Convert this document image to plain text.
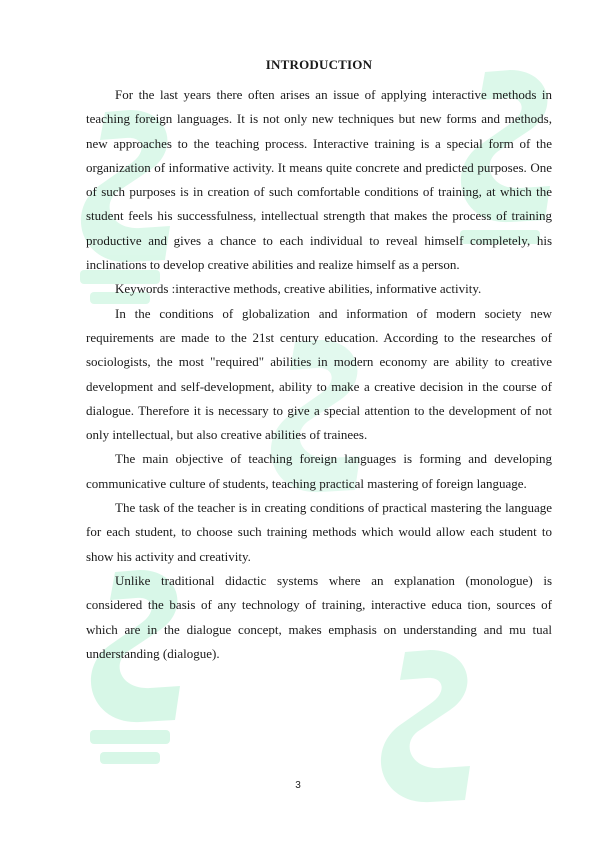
INTRODUCTION

For the last years there often arises an issue of applying interactive methods in teaching foreign languages. It is not only new techniques but new forms and methods, new approaches to the teaching process. Interactive training is a special form of the organization of informative activity. It means quite concrete and predicted purposes. One of such purposes is in creation of such comfortable conditions of training, at which the student feels his successfulness, intellectual strength that makes the process of training productive and gives a chance to each individual to reveal himself completely, his inclinations to develop creative abilities and realize himself as a person.

Keywords :interactive methods, creative abilities, informative activity.

In the conditions of globalization and information of modern society new requirements are made to the 21st century education. According to the researches of sociologists, the most "required" abilities in modern economy are ability to creative development and self-development, ability to make a creative decision in the course of dialogue. Therefore it is necessary to give a special attention to the development of not only intellectual, but also creative abilities of trainees.

The main objective of teaching foreign languages is forming and developing communicative culture of students, teaching practical mastering of foreign language.

The task of the teacher is in creating conditions of practical mastering the language for each student, to choose such training methods which would allow each student to show his activity and creativity.

Unlike traditional didactic systems where an explanation (monologue) is considered the basis of any technology of training, interactive educa tion, sources of which are in the dialogue concept, makes emphasis on understanding and mu tual understanding (dialogue).

3
